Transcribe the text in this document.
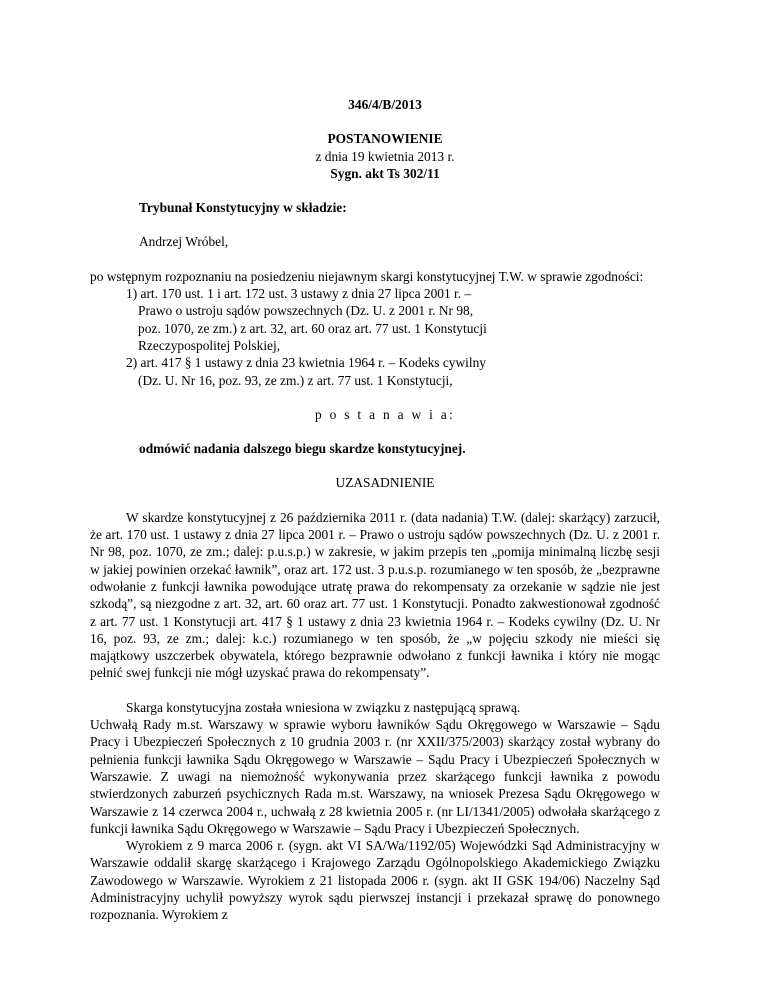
346/4/B/2013

POSTANOWIENIE

z dnia 19 kwietnia 2013 r.

Sygn. akt Ts 302/11

Trybunał Konstytucyjny w składzie:

Andrzej Wróbel,

po wstępnym rozpoznaniu na posiedzeniu niejawnym skargi konstytucyjnej T.W. w sprawie zgodności:

1) art. 170 ust. 1 i art. 172 ust. 3 ustawy z dnia 27 lipca 2001 r. – Prawo o ustroju sądów powszechnych (Dz. U. z 2001 r. Nr 98, poz. 1070, ze zm.) z art. 32, art. 60 oraz art. 77 ust. 1 Konstytucji Rzeczypospolitej Polskiej,

2) art. 417 § 1 ustawy z dnia 23 kwietnia 1964 r. – Kodeks cywilny (Dz. U. Nr 16, poz. 93, ze zm.) z art. 77 ust. 1 Konstytucji,

p o s t a n a w i a:

odmówić nadania dalszego biegu skardze konstytucyjnej.

UZASADNIENIE

W skardze konstytucyjnej z 26 października 2011 r. (data nadania) T.W. (dalej: skarżący) zarzucił, że art. 170 ust. 1 ustawy z dnia 27 lipca 2001 r. – Prawo o ustroju sądów powszechnych (Dz. U. z 2001 r. Nr 98, poz. 1070, ze zm.; dalej: p.u.s.p.) w zakresie, w jakim przepis ten „pomija minimalną liczbę sesji w jakiej powinien orzekać ławnik”, oraz art. 172 ust. 3 p.u.s.p. rozumianego w ten sposób, że „bezprawne odwołanie z funkcji ławnika powodujące utratę prawa do rekompensaty za orzekanie w sądzie nie jest szkodą”, są niezgodne z art. 32, art. 60 oraz art. 77 ust. 1 Konstytucji. Ponadto zakwestionował zgodność z art. 77 ust. 1 Konstytucji art. 417 § 1 ustawy z dnia 23 kwietnia 1964 r. – Kodeks cywilny (Dz. U. Nr 16, poz. 93, ze zm.; dalej: k.c.) rozumianego w ten sposób, że „w pojęciu szkody nie mieści się majątkowy uszczerbek obywatela, którego bezprawnie odwołano z funkcji ławnika i który nie mogąc pełnić swej funkcji nie mógł uzyskać prawa do rekompensaty”.

Skarga konstytucyjna została wniesiona w związku z następującą sprawą.

Uchwałą Rady m.st. Warszawy w sprawie wyboru ławników Sądu Okręgowego w Warszawie – Sądu Pracy i Ubezpieczeń Społecznych z 10 grudnia 2003 r. (nr XXII/375/2003) skarżący został wybrany do pełnienia funkcji ławnika Sądu Okręgowego w Warszawie – Sądu Pracy i Ubezpieczeń Społecznych w Warszawie. Z uwagi na niemożność wykonywania przez skarżącego funkcji ławnika z powodu stwierdzonych zaburzeń psychicznych Rada m.st. Warszawy, na wniosek Prezesa Sądu Okręgowego w Warszawie z 14 czerwca 2004 r., uchwałą z 28 kwietnia 2005 r. (nr LI/1341/2005) odwołała skarżącego z funkcji ławnika Sądu Okręgowego w Warszawie – Sądu Pracy i Ubezpieczeń Społecznych.

Wyrokiem z 9 marca 2006 r. (sygn. akt VI SA/Wa/1192/05) Wojewódzki Sąd Administracyjny w Warszawie oddalił skargę skarżącego i Krajowego Zarządu Ogólnopolskiego Akademickiego Związku Zawodowego w Warszawie. Wyrokiem z 21 listopada 2006 r. (sygn. akt II GSK 194/06) Naczelny Sąd Administracyjny uchylił powyższy wyrok sądu pierwszej instancji i przekazał sprawę do ponownego rozpoznania. Wyrokiem z
